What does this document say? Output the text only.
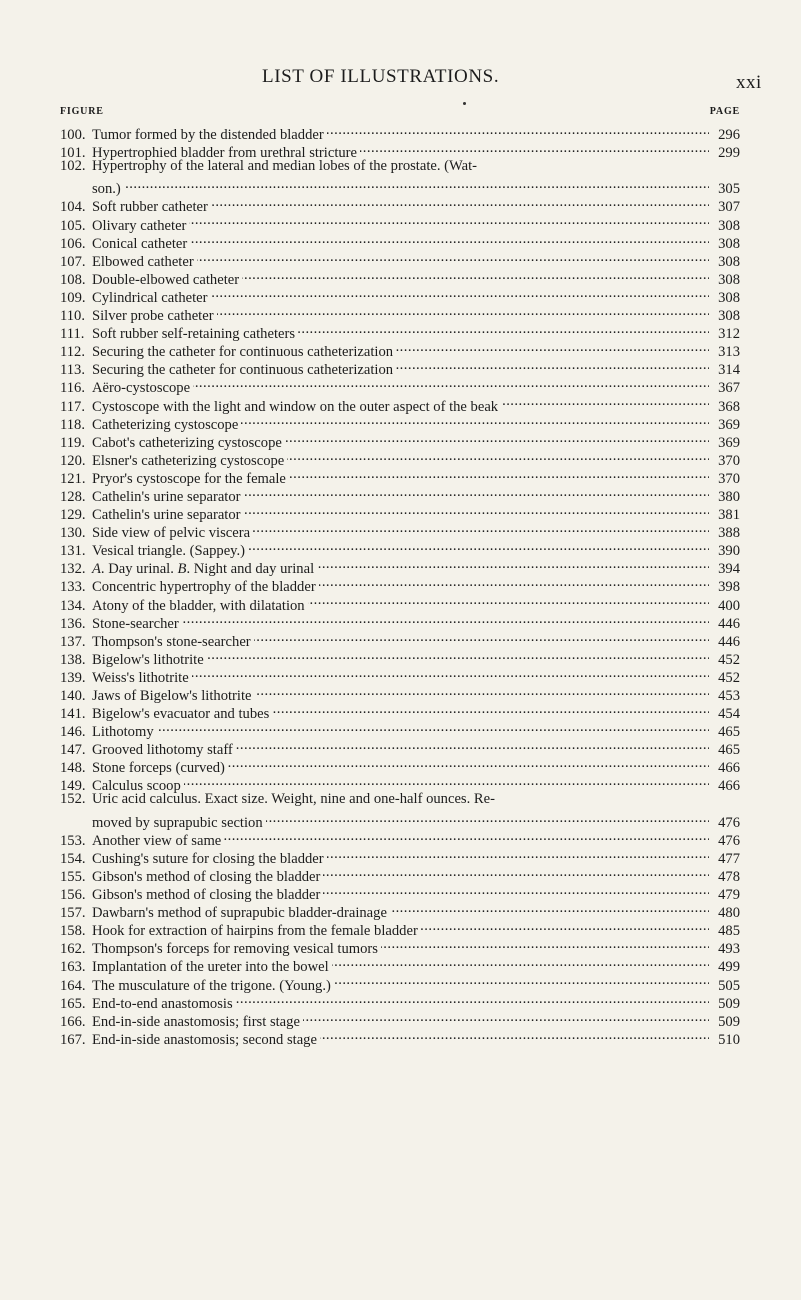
LIST OF ILLUSTRATIONS.	xxi
FIGURE	PAGE
100. Tumor formed by the distended bladder . . .	296
101. Hypertrophied bladder from urethral stricture . . .	299
102. Hypertrophy of the lateral and median lobes of the prostate. (Wat-
son.) . . .	305
104. Soft rubber catheter . . .	307
105. Olivary catheter . . .	308
106. Conical catheter . . .	308
107. Elbowed catheter . . .	308
108. Double-elbowed catheter . . .	308
109. Cylindrical catheter . . .	308
110. Silver probe catheter . . .	308
111. Soft rubber self-retaining catheters . . .	312
112. Securing the catheter for continuous catheterization . . .	313
113. Securing the catheter for continuous catheterization . . .	314
116. Aëro-cystoscope . . .	367
117. Cystoscope with the light and window on the outer aspect of the beak . . .	368
118. Catheterizing cystoscope . . .	369
119. Cabot's catheterizing cystoscope . . .	369
120. Elsner's catheterizing cystoscope . . .	370
121. Pryor's cystoscope for the female . . .	370
128. Cathelin's urine separator . . .	380
129. Cathelin's urine separator . . .	381
130. Side view of pelvic viscera . . .	388
131. Vesical triangle. (Sappey.) . . .	390
132. A. Day urinal. B. Night and day urinal . . .	394
133. Concentric hypertrophy of the bladder . . .	398
134. Atony of the bladder, with dilatation . . .	400
136. Stone-searcher . . .	446
137. Thompson's stone-searcher . . .	446
138. Bigelow's lithotrite . . .	452
139. Weiss's lithotrite . . .	452
140. Jaws of Bigelow's lithotrite . . .	453
141. Bigelow's evacuator and tubes . . .	454
146. Lithotomy . . .	465
147. Grooved lithotomy staff . . .	465
148. Stone forceps (curved) . . .	466
149. Calculus scoop . . .	466
152. Uric acid calculus. Exact size. Weight, nine and one-half ounces. Re-
moved by suprapubic section . . .	476
153. Another view of same . . .	476
154. Cushing's suture for closing the bladder . . .	477
155. Gibson's method of closing the bladder . . .	478
156. Gibson's method of closing the bladder . . .	479
157. Dawbarn's method of suprapubic bladder-drainage . . .	480
158. Hook for extraction of hairpins from the female bladder . . .	485
162. Thompson's forceps for removing vesical tumors . . .	493
163. Implantation of the ureter into the bowel . . .	499
164. The musculature of the trigone. (Young.) . . .	505
165. End-to-end anastomosis . . .	509
166. End-in-side anastomosis; first stage . . .	509
167. End-in-side anastomosis; second stage . . .	510
